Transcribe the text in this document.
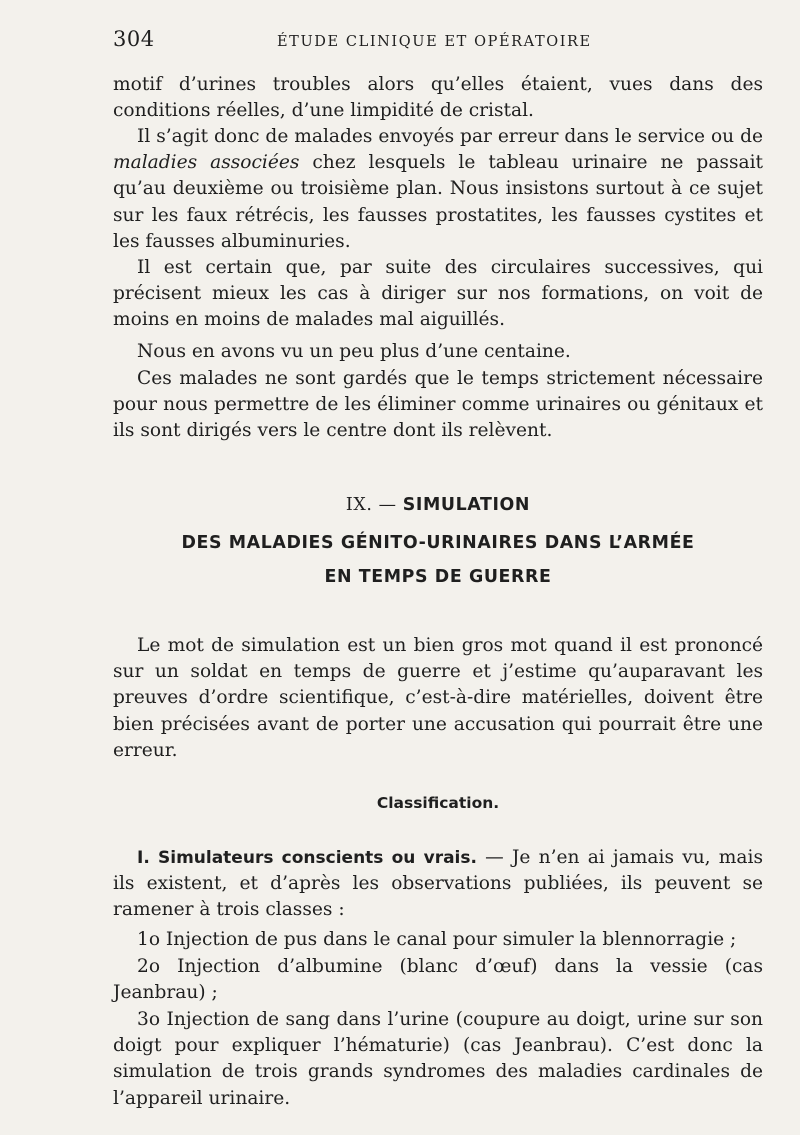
304	ÉTUDE CLINIQUE ET OPÉRATOIRE

motif d’urines troubles alors qu’elles étaient, vues dans des conditions réelles, d’une limpidité de cristal.

Il s’agit donc de malades envoyés par erreur dans le service ou de maladies associées chez lesquels le tableau urinaire ne passait qu’au deuxième ou troisième plan. Nous insistons surtout à ce sujet sur les faux rétrécis, les fausses prostatites, les fausses cystites et les fausses albuminuries.

Il est certain que, par suite des circulaires successives, qui précisent mieux les cas à diriger sur nos formations, on voit de moins en moins de malades mal aiguillés.

Nous en avons vu un peu plus d’une centaine.

Ces malades ne sont gardés que le temps strictement nécessaire pour nous permettre de les éliminer comme urinaires ou génitaux et ils sont dirigés vers le centre dont ils relèvent.

IX. — SIMULATION

DES MALADIES GÉNITO-URINAIRES DANS L’ARMÉE

EN TEMPS DE GUERRE

Le mot de simulation est un bien gros mot quand il est prononcé sur un soldat en temps de guerre et j’estime qu’auparavant les preuves d’ordre scientifique, c’est-à-dire matérielles, doivent être bien précisées avant de porter une accusation qui pourrait être une erreur.

Classification.

I. Simulateurs conscients ou vrais. — Je n’en ai jamais vu, mais ils existent, et d’après les observations publiées, ils peuvent se ramener à trois classes :

1o Injection de pus dans le canal pour simuler la blennorragie ;

2o Injection d’albumine (blanc d’œuf) dans la vessie (cas Jeanbrau) ;

3o Injection de sang dans l’urine (coupure au doigt, urine sur son doigt pour expliquer l’hématurie) (cas Jeanbrau). C’est donc la simulation de trois grands syndromes des maladies cardinales de l’appareil urinaire.
